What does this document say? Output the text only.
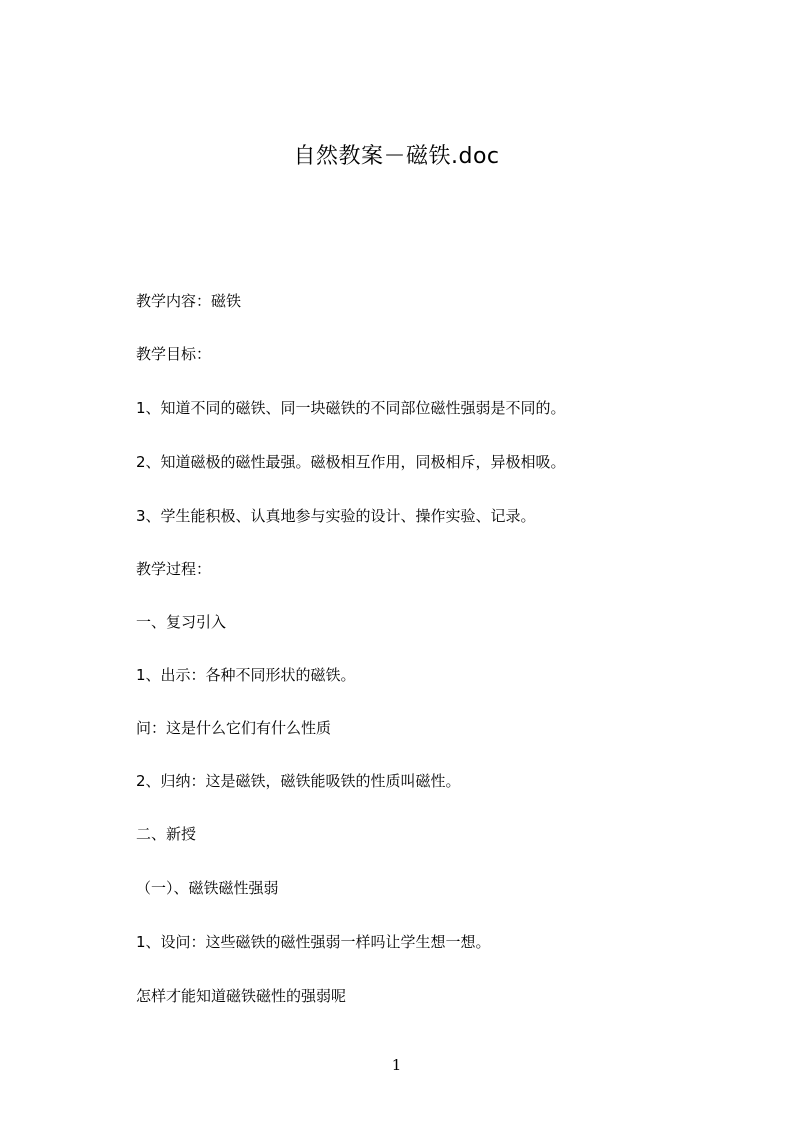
自然教案－磁铁.doc
教学内容：磁铁
教学目标：
1、知道不同的磁铁、同一块磁铁的不同部位磁性强弱是不同的。
2、知道磁极的磁性最强。磁极相互作用，同极相斥，异极相吸。
3、学生能积极、认真地参与实验的设计、操作实验、记录。
教学过程：
一、复习引入
1、出示：各种不同形状的磁铁。
问：这是什么它们有什么性质
2、归纳：这是磁铁，磁铁能吸铁的性质叫磁性。
二、新授
（一）、磁铁磁性强弱
1、设问：这些磁铁的磁性强弱一样吗让学生想一想。
怎样才能知道磁铁磁性的强弱呢
1
